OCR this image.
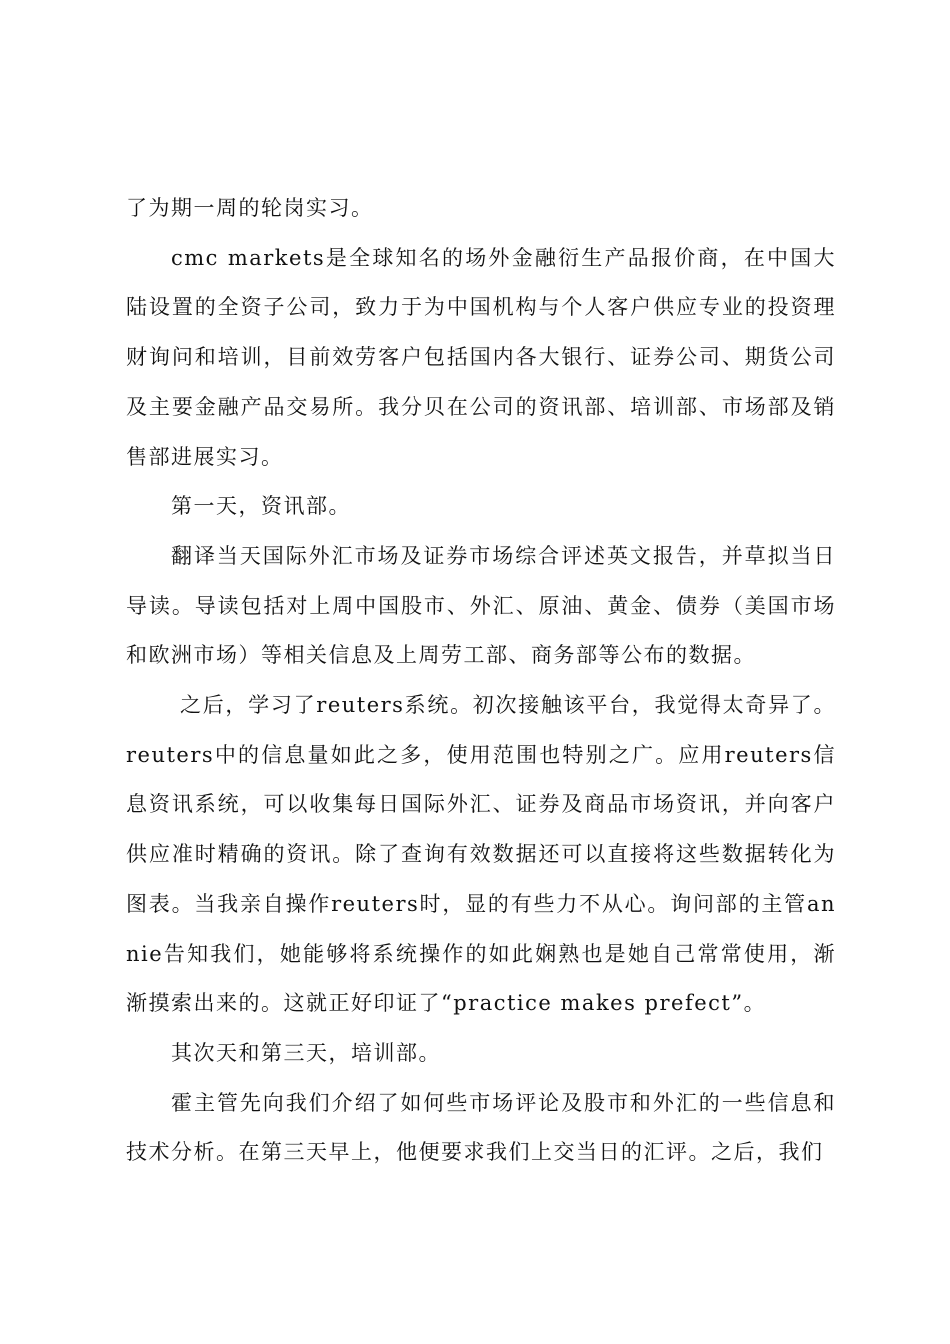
了为期一周的轮岗实习。

cmc markets是全球知名的场外金融衍生产品报价商，在中国大陆设置的全资子公司，致力于为中国机构与个人客户供应专业的投资理财询问和培训，目前效劳客户包括国内各大银行、证券公司、期货公司及主要金融产品交易所。我分贝在公司的资讯部、培训部、市场部及销售部进展实习。

第一天，资讯部。

翻译当天国际外汇市场及证券市场综合评述英文报告，并草拟当日导读。导读包括对上周中国股市、外汇、原油、黄金、债券（美国市场和欧洲市场）等相关信息及上周劳工部、商务部等公布的数据。

之后，学习了reuters系统。初次接触该平台，我觉得太奇异了。reuters中的信息量如此之多，使用范围也特别之广。应用reuters信息资讯系统，可以收集每日国际外汇、证券及商品市场资讯，并向客户供应准时精确的资讯。除了查询有效数据还可以直接将这些数据转化为图表。当我亲自操作reuters时，显的有些力不从心。询问部的主管annie告知我们，她能够将系统操作的如此娴熟也是她自己常常使用，渐渐摸索出来的。这就正好印证了“practice makes prefect”。

其次天和第三天，培训部。

霍主管先向我们介绍了如何些市场评论及股市和外汇的一些信息和技术分析。在第三天早上，他便要求我们上交当日的汇评。之后，我们
